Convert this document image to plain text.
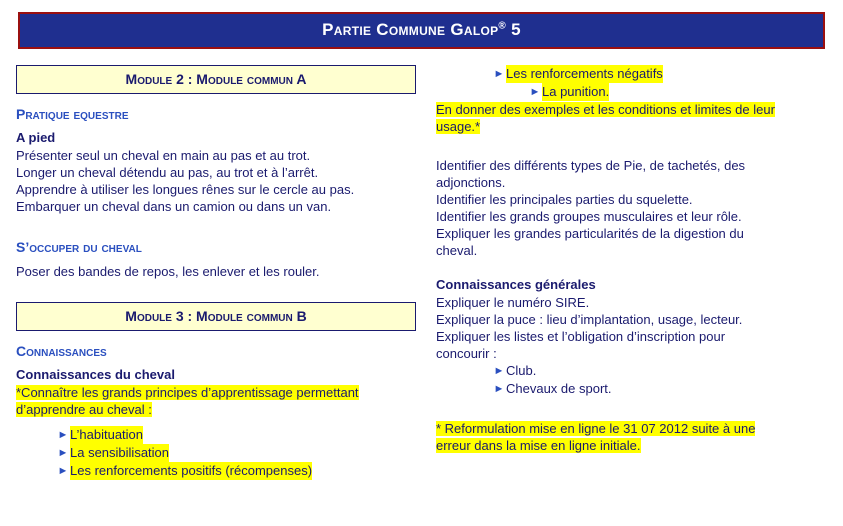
Partie Commune Galop® 5
Module 2 : Module commun A
Pratique equestre
A pied

Présenter seul un cheval en main au pas et au trot.

Longer un cheval détendu au pas, au trot et à l’arrêt.

Apprendre à utiliser les longues rênes sur le cercle au pas.

Embarquer un cheval dans un camion ou dans un van.

S’occuper du cheval

Poser des bandes de repos, les enlever et les rouler.

Module 3 : Module commun B
Connaissances
Connaissances du cheval

*Connaître les grands principes d’apprentissage permettant

d’apprendre au cheval :

► L’habituation
► La sensibilisation
► Les renforcements positifs (récompenses)
► Les renforcements négatifs
► La punition.

En donner des exemples et les conditions et limites de leur

usage.*

Identifier des différents types de Pie, de tachetés, des

adjonctions.

Identifier les principales parties du squelette.

Identifier les grands groupes musculaires et leur rôle.

Expliquer les grandes particularités de la digestion du

cheval.

Connaissances générales

Expliquer le numéro SIRE.

Expliquer la puce : lieu d’implantation, usage, lecteur.

Expliquer les listes et l’obligation d’inscription pour

concourir :

► Club.
► Chevaux de sport.

* Reformulation mise en ligne le 31 07 2012 suite à une

erreur dans la mise en ligne initiale.
